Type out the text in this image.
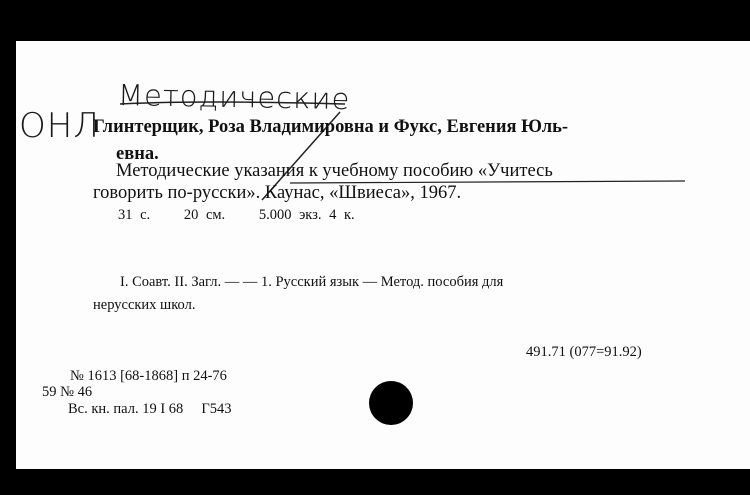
Методические
ОНЛ
Глинтерщик, Роза Владимировна и Фукс, Евгения Юль-
евна.
Методические указания к учебному пособию «Учитесь
говорить по-русски». Каунас, «Швиеса», 1967.
31 с. 20 см. 5.000 экз. 4 к.
I. Соавт. II. Загл. — — 1. Русский язык — Метод. пособия для
нерусских школ.
491.71 (077=91.92)
№ 1613 [68-1868] п 24-76
59 № 46
Вс. кн. пал. 19 I 68     Г543
